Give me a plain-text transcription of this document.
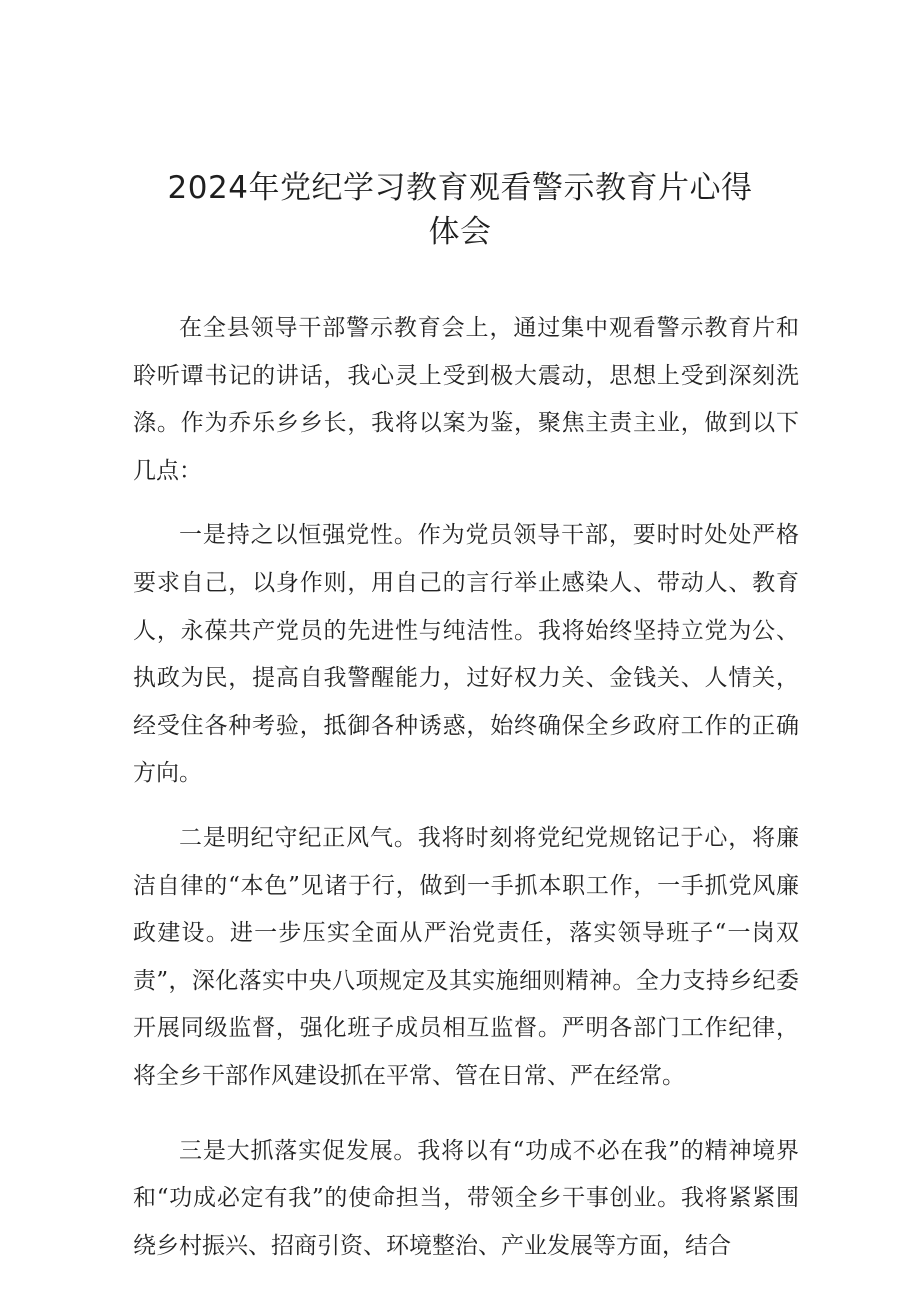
2024年党纪学习教育观看警示教育片心得
体会

在全县领导干部警示教育会上，通过集中观看警示教育片和聆听谭书记的讲话，我心灵上受到极大震动，思想上受到深刻洗涤。作为乔乐乡乡长，我将以案为鉴，聚焦主责主业，做到以下几点：

一是持之以恒强党性。作为党员领导干部，要时时处处严格要求自己，以身作则，用自己的言行举止感染人、带动人、教育人，永葆共产党员的先进性与纯洁性。我将始终坚持立党为公、执政为民，提高自我警醒能力，过好权力关、金钱关、人情关，经受住各种考验，抵御各种诱惑，始终确保全乡政府工作的正确方向。

二是明纪守纪正风气。我将时刻将党纪党规铭记于心，将廉洁自律的“本色”见诸于行，做到一手抓本职工作，一手抓党风廉政建设。进一步压实全面从严治党责任，落实领导班子“一岗双责”，深化落实中央八项规定及其实施细则精神。全力支持乡纪委开展同级监督，强化班子成员相互监督。严明各部门工作纪律，将全乡干部作风建设抓在平常、管在日常、严在经常。

三是大抓落实促发展。我将以有“功成不必在我”的精神境界和“功成必定有我”的使命担当，带领全乡干事创业。我将紧紧围绕乡村振兴、招商引资、环境整治、产业发展等方面，结合
